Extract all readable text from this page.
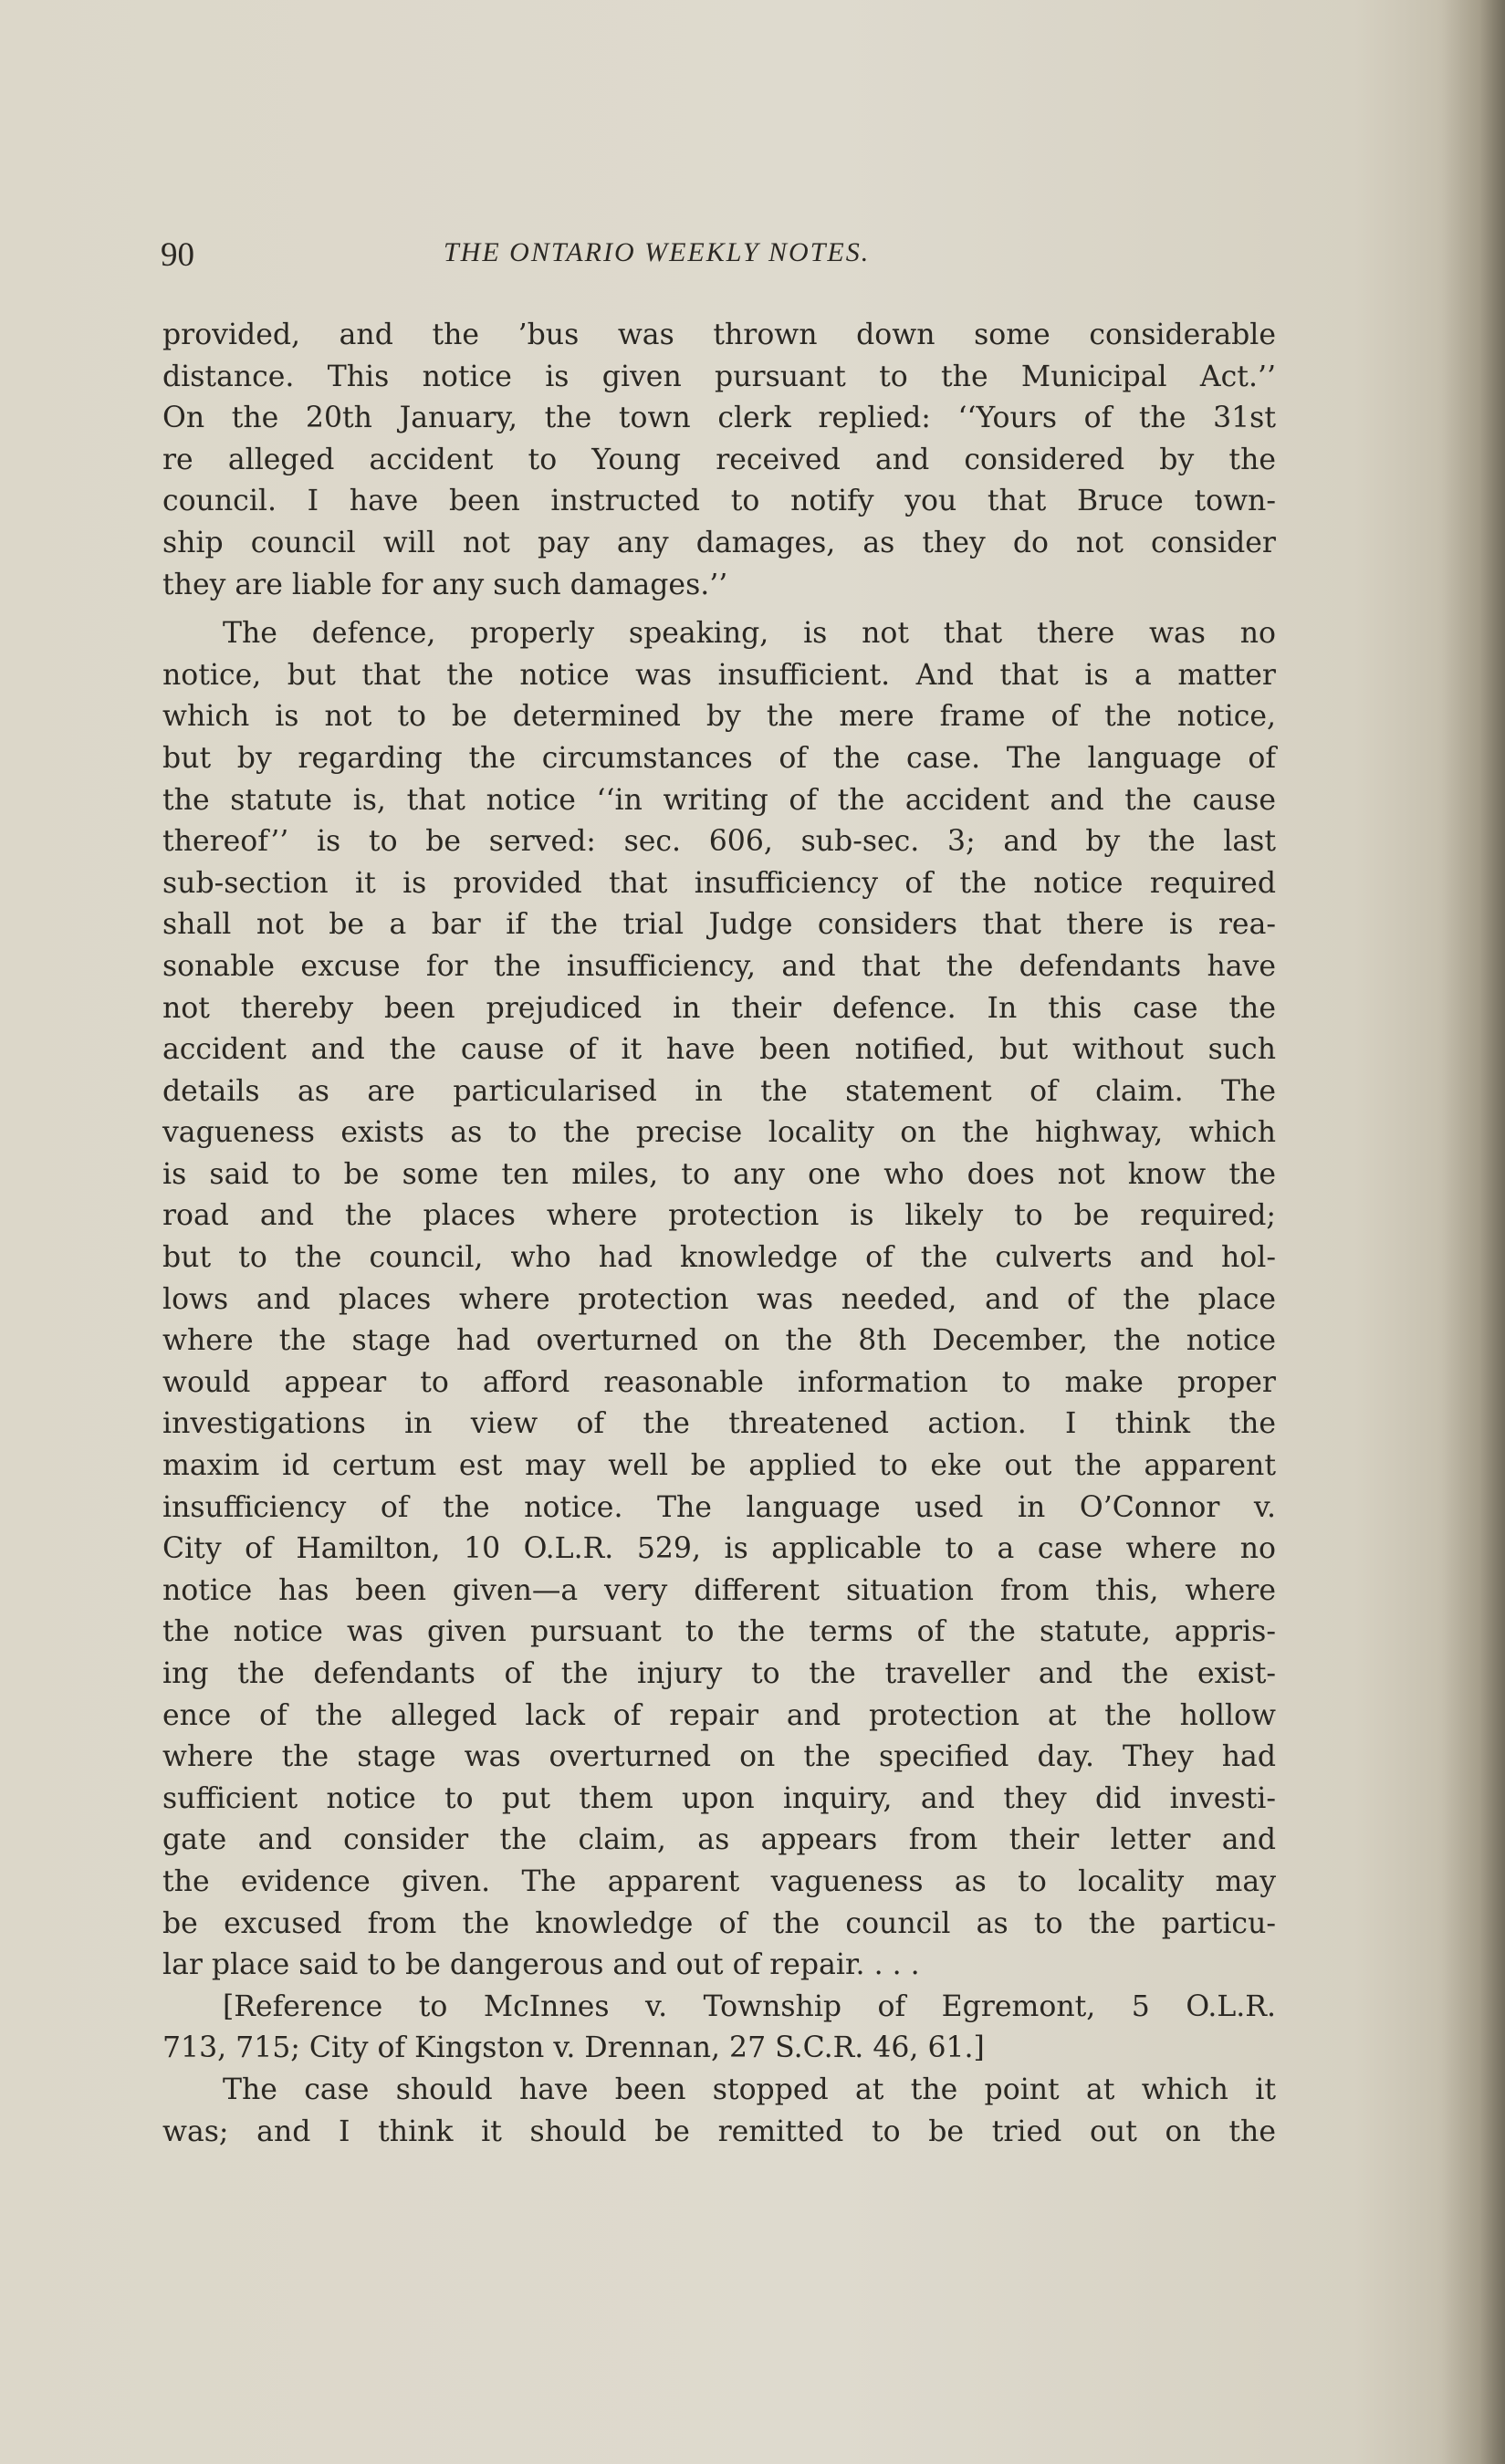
90	THE ONTARIO WEEKLY NOTES.
provided, and the ’bus was thrown down some considerable
distance. This notice is given pursuant to the Municipal Act.’’
On the 20th January, the town clerk replied: ‘‘Yours of the 31st
re alleged accident to Young received and considered by the
council. I have been instructed to notify you that Bruce town-
ship council will not pay any damages, as they do not consider
they are liable for any such damages.’’
The defence, properly speaking, is not that there was no
notice, but that the notice was insufficient. And that is a matter
which is not to be determined by the mere frame of the notice,
but by regarding the circumstances of the case. The language of
the statute is, that notice ‘‘in writing of the accident and the cause
thereof’’ is to be served: sec. 606, sub-sec. 3; and by the last
sub-section it is provided that insufficiency of the notice required
shall not be a bar if the trial Judge considers that there is rea-
sonable excuse for the insufficiency, and that the defendants have
not thereby been prejudiced in their defence. In this case the
accident and the cause of it have been notified, but without such
details as are particularised in the statement of claim. The
vagueness exists as to the precise locality on the highway, which
is said to be some ten miles, to any one who does not know the
road and the places where protection is likely to be required;
but to the council, who had knowledge of the culverts and hol-
lows and places where protection was needed, and of the place
where the stage had overturned on the 8th December, the notice
would appear to afford reasonable information to make proper
investigations in view of the threatened action. I think the
maxim id certum est may well be applied to eke out the apparent
insufficiency of the notice. The language used in O’Connor v.
City of Hamilton, 10 O.L.R. 529, is applicable to a case where no
notice has been given—a very different situation from this, where
the notice was given pursuant to the terms of the statute, appris-
ing the defendants of the injury to the traveller and the exist-
ence of the alleged lack of repair and protection at the hollow
where the stage was overturned on the specified day. They had
sufficient notice to put them upon inquiry, and they did investi-
gate and consider the claim, as appears from their letter and
the evidence given. The apparent vagueness as to locality may
be excused from the knowledge of the council as to the particu-
lar place said to be dangerous and out of repair. . . .
[Reference to McInnes v. Township of Egremont, 5 O.L.R.
713, 715; City of Kingston v. Drennan, 27 S.C.R. 46, 61.]
The case should have been stopped at the point at which it
was; and I think it should be remitted to be tried out on the
